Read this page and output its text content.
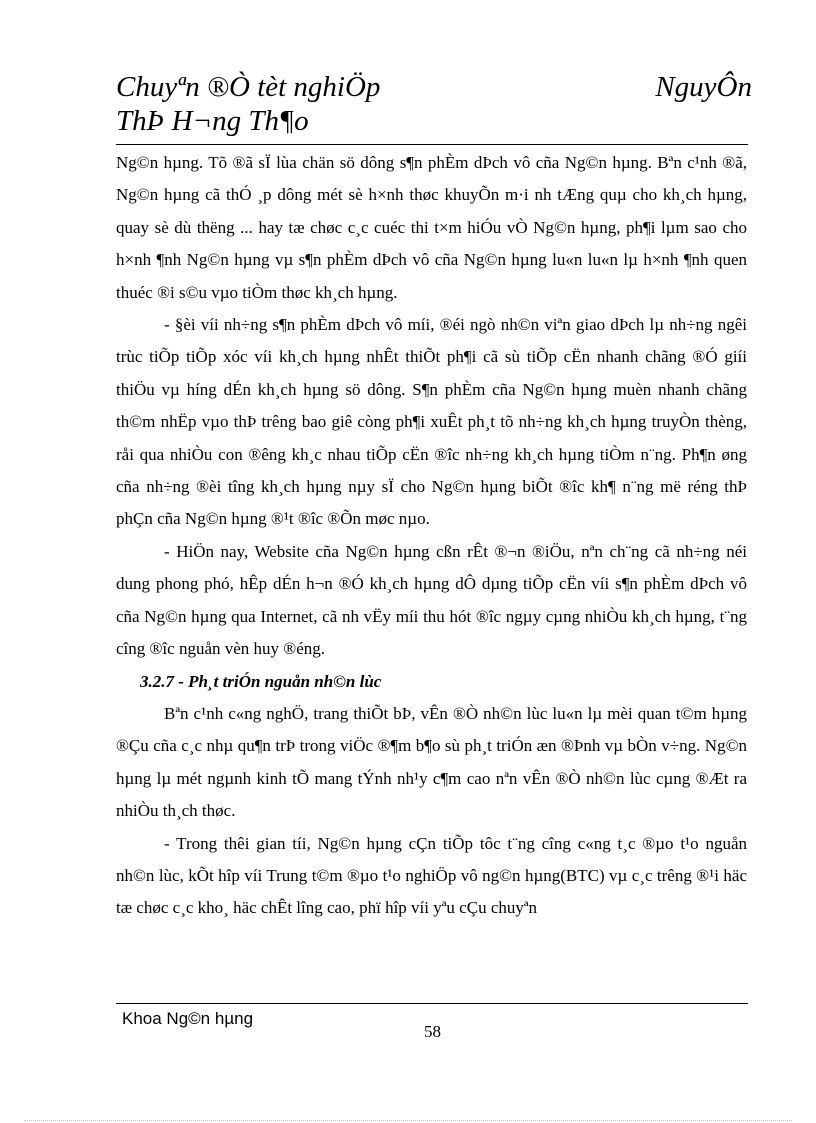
Chuyªn ®Ò tèt nghiÖp	NguyÔn
ThÞ H¬ng Th¶o

Ng©n hµng. Tõ ®ã sÏ lùa chän sö dông s¶n phÈm dÞch vô cña Ng©n hµng. Bªn c¹nh ®ã, Ng©n hµng cã thÓ ¸p dông mét sè h×nh thøc khuyÕn m·i nh tÆng quµ cho kh¸ch hµng, quay sè dù thëng ... hay tæ chøc c¸c cuéc thi t×m hiÓu vÒ Ng©n hµng, ph¶i lµm sao cho h×nh ¶nh Ng©n hµng vµ s¶n phÈm dÞch vô cña Ng©n hµng lu«n lu«n lµ h×nh ¶nh quen thuéc ®i s©u vµo tiÒm thøc kh¸ch hµng.

- §èi víi nh÷ng s¶n phÈm dÞch vô míi, ®éi ngò nh©n viªn giao dÞch lµ nh÷ng ngêi trùc tiÕp tiÕp xóc víi kh¸ch hµng nhÊt thiÕt ph¶i cã sù tiÕp cËn nhanh chãng ®Ó giíi thiÖu vµ híng dÉn kh¸ch hµng sö dông. S¶n phÈm cña Ng©n hµng muèn nhanh chãng th©m nhËp vµo thÞ trêng bao giê còng ph¶i xuÊt ph¸t tõ nh÷ng kh¸ch hµng truyÒn thèng, råi qua nhiÒu con ®êng kh¸c nhau tiÕp cËn ®îc nh÷ng kh¸ch hµng tiÒm n¨ng. Ph¶n øng cña nh÷ng ®èi tîng kh¸ch hµng nµy sÏ cho Ng©n hµng biÕt ®îc kh¶ n¨ng më réng thÞ phÇn cña Ng©n hµng ®¹t ®îc ®Õn møc nµo.

- HiÖn nay, Website cña Ng©n hµng cßn rÊt ®¬n ®iÖu, nªn ch¨ng cã nh÷ng néi dung phong phó, hÊp dÉn h¬n ®Ó kh¸ch hµng dÔ dµng tiÕp cËn víi s¶n phÈm dÞch vô cña Ng©n hµng qua Internet, cã nh vËy míi thu hót ®îc ngµy cµng nhiÒu kh¸ch hµng, t¨ng cîng ®îc nguån vèn huy ®éng.

3.2.7 - Ph¸t triÓn nguån nh©n lùc

Bªn c¹nh c«ng nghÖ, trang thiÕt bÞ, vÊn ®Ò nh©n lùc lu«n lµ mèi quan t©m hµng ®Çu cña c¸c nhµ qu¶n trÞ trong viÖc ®¶m b¶o sù ph¸t triÓn æn ®Þnh vµ bÒn v÷ng. Ng©n hµng lµ mét ngµnh kinh tÕ mang tÝnh nh¹y c¶m cao nªn vÊn ®Ò nh©n lùc cµng ®Æt ra nhiÒu th¸ch thøc.

- Trong thêi gian tíi, Ng©n hµng cÇn tiÕp tôc t¨ng cîng c«ng t¸c ®µo t¹o nguån nh©n lùc, kÕt hîp víi Trung t©m ®µo t¹o nghiÖp vô ng©n hµng(BTC) vµ c¸c trêng ®¹i häc tæ chøc c¸c kho¸ häc chÊt lîng cao, phï hîp víi yªu cÇu chuyªn

Khoa Ng©n hµng
58
